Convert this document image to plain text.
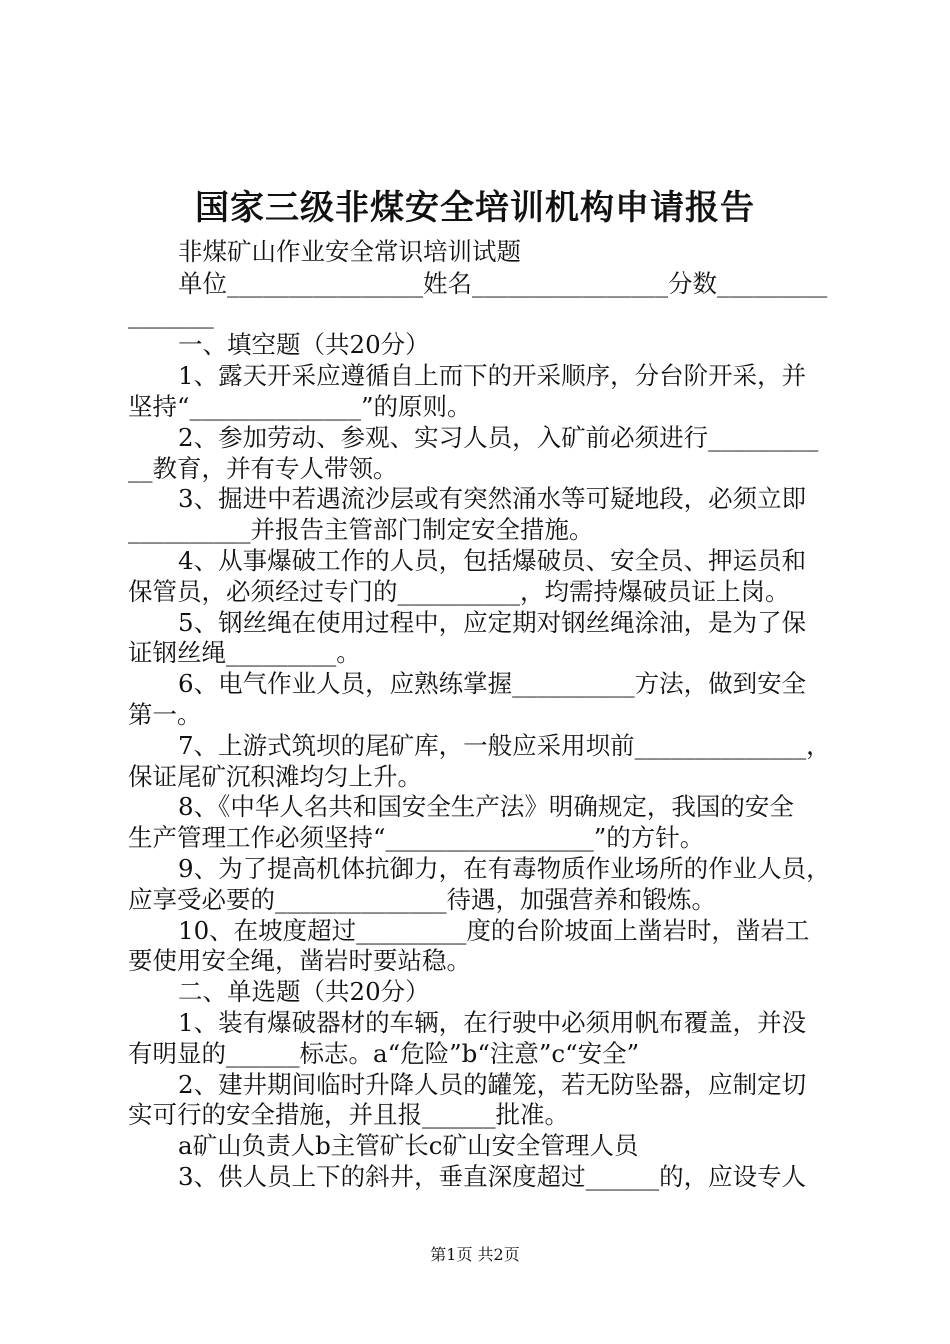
国家三级非煤安全培训机构申请报告
非煤矿山作业安全常识培训试题
单位________________姓名________________分数_________
_______
一、填空题（共20分）
1、露天开采应遵循自上而下的开采顺序，分台阶开采，并
坚持“______________”的原则。
2、参加劳动、参观、实习人员，入矿前必须进行_________
__教育，并有专人带领。
3、掘进中若遇流沙层或有突然涌水等可疑地段，必须立即
__________并报告主管部门制定安全措施。
4、从事爆破工作的人员，包括爆破员、安全员、押运员和
保管员，必须经过专门的__________，均需持爆破员证上岗。
5、钢丝绳在使用过程中，应定期对钢丝绳涂油，是为了保
证钢丝绳_________。
6、电气作业人员，应熟练掌握__________方法，做到安全
第一。
7、上游式筑坝的尾矿库，一般应采用坝前______________，
保证尾矿沉积滩均匀上升。
8、《中华人名共和国安全生产法》明确规定，我国的安全
生产管理工作必须坚持“_________________”的方针。
9、为了提高机体抗御力，在有毒物质作业场所的作业人员，
应享受必要的______________待遇，加强营养和锻炼。
10、在坡度超过_________度的台阶坡面上凿岩时，凿岩工
要使用安全绳，凿岩时要站稳。
二、单选题（共20分）
1、装有爆破器材的车辆，在行驶中必须用帆布覆盖，并没
有明显的______标志。a“危险”b“注意”c“安全”
2、建井期间临时升降人员的罐笼，若无防坠器，应制定切
实可行的安全措施，并且报______批准。
a矿山负责人b主管矿长c矿山安全管理人员
3、供人员上下的斜井，垂直深度超过______的，应设专人
第1页 共2页
